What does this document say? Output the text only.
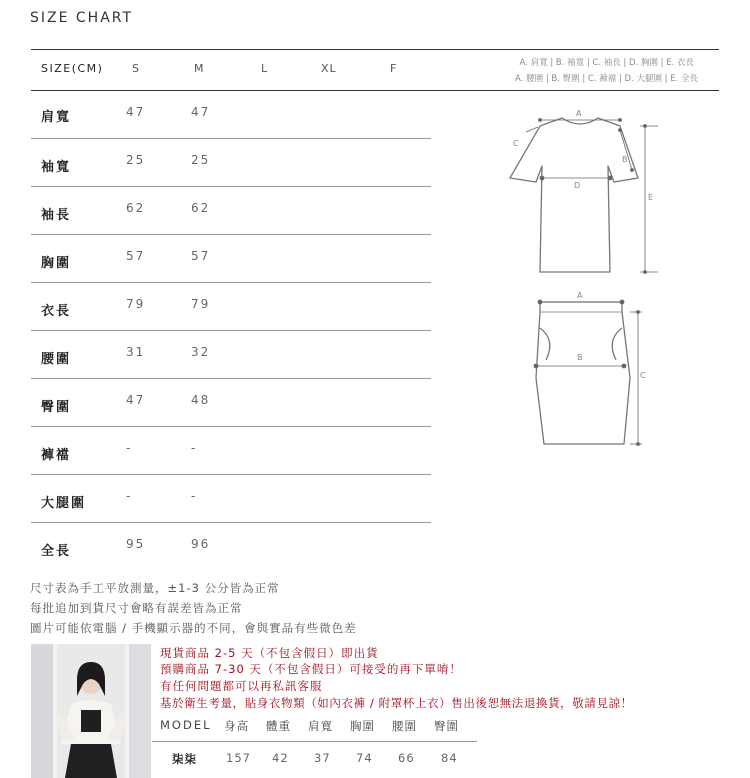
SIZE CHART
SIZE(CM)	S	M	L	XL	F	A. 肩寬 | B. 袖寬 | C. 袖長 | D. 胸圍 | E. 衣長
A. 腰圍 | B. 臀圍 | C. 褲襠 | D. 大腿圍 | E. 全長
肩寬	47	47
袖寬	25	25
袖長	62	62
胸圍	57	57
衣長	79	79
腰圍	31	32
臀圍	47	48
褲襠	-	-
大腿圍	-	-
全長	95	96
A
B
C
D
E
A
B
C
尺寸表為手工平放測量，±1-3 公分皆為正常
每批追加到貨尺寸會略有誤差皆為正常
圖片可能依電腦 / 手機顯示器的不同，會與實品有些微色差
現貨商品 2-5 天（不包含假日）即出貨
預購商品 7-30 天（不包含假日）可接受的再下單唷！
有任何問題都可以再私訊客服
基於衛生考量，貼身衣物類（如內衣褲 / 附罩杯上衣）售出後恕無法退換貨，敬請見諒！
MODEL 身高 體重 肩寬 胸圍 腰圍 臀圍
柒柒	157 42 37 74 66 84
